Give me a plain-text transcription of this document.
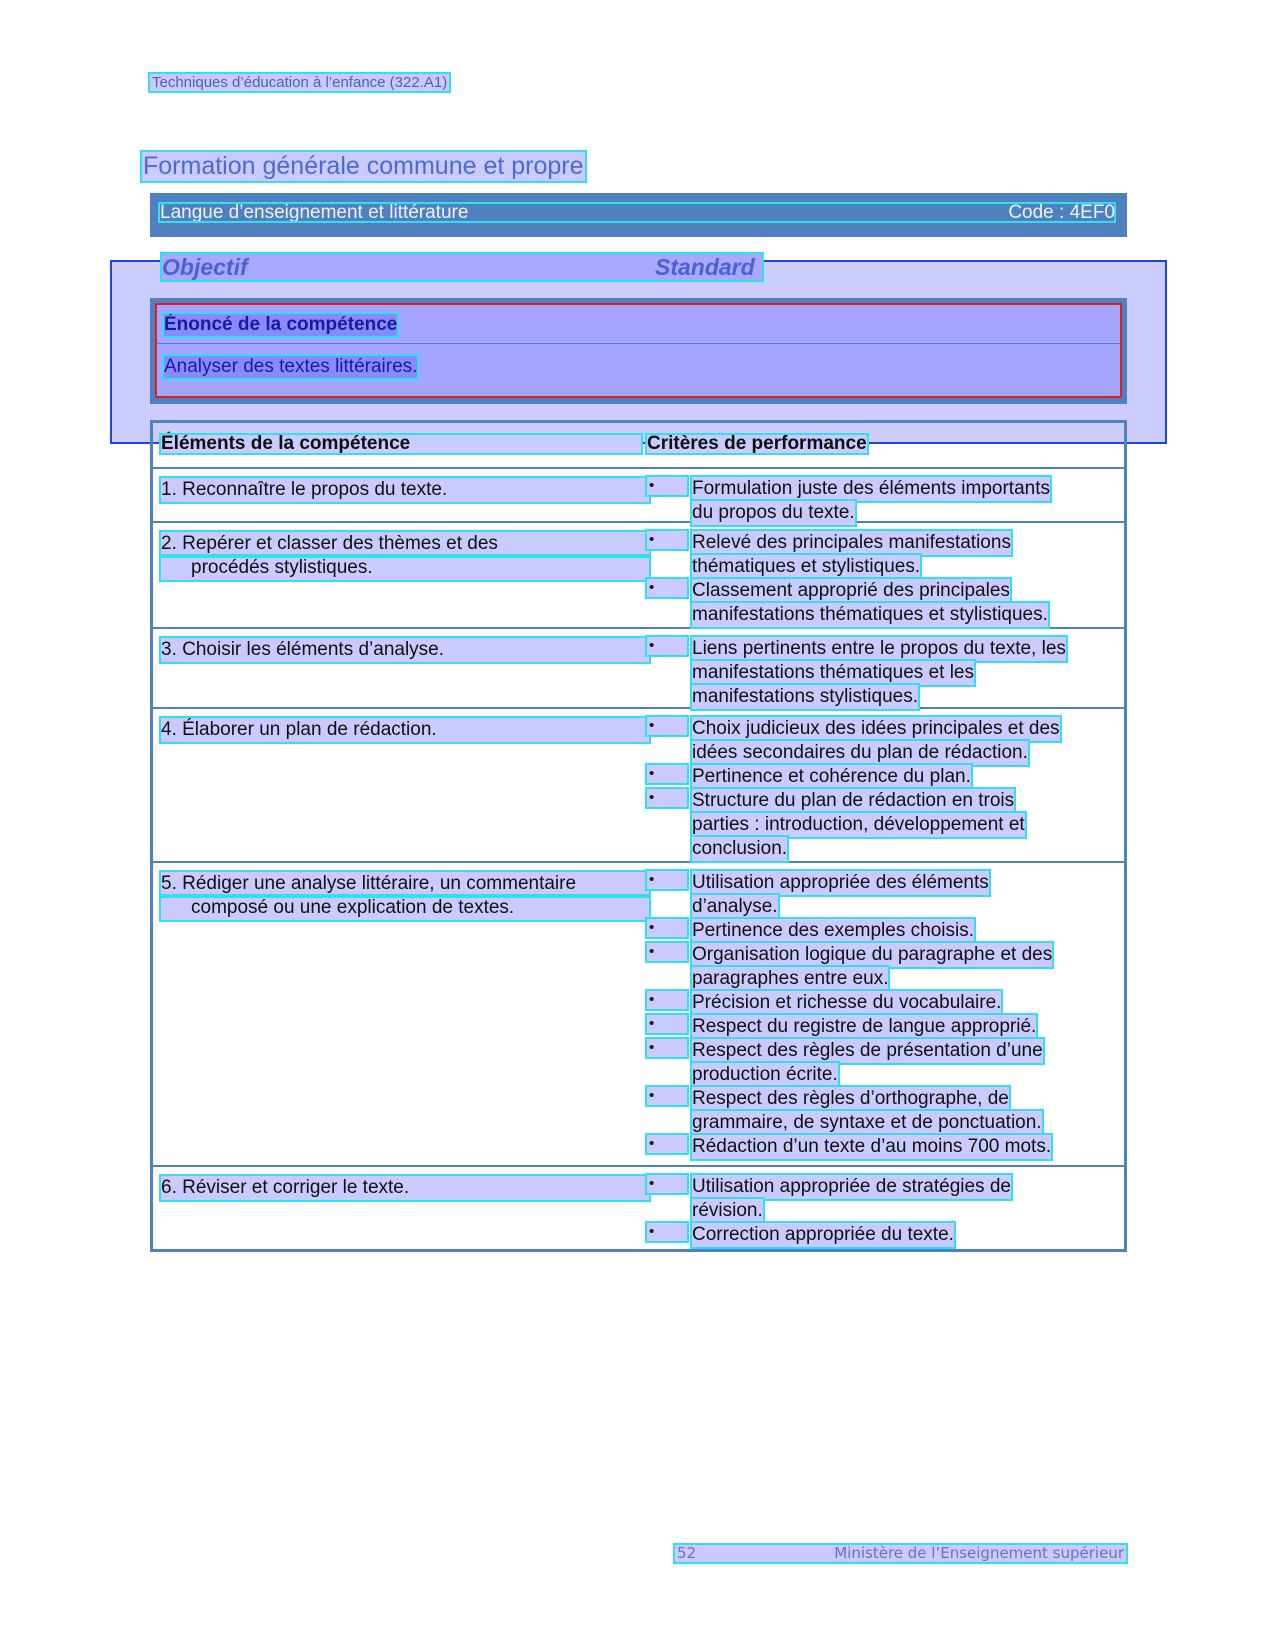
Techniques d’éducation à l’enfance (322.A1)
Formation générale commune et propre
Langue d’enseignement et littérature	Code : 4EF0
Objectif	Standard
Énoncé de la compétence
Analyser des textes littéraires.
Éléments de la compétence	Critères de performance
1. Reconnaître le propos du texte.	•	Formulation juste des éléments importants
du propos du texte.
2. Repérer et classer des thèmes et des
procédés stylistiques.
•	Relevé des principales manifestations
thématiques et stylistiques.
•	Classement approprié des principales
manifestations thématiques et stylistiques.
3. Choisir les éléments d’analyse.	•	Liens pertinents entre le propos du texte, les
manifestations thématiques et les
manifestations stylistiques.
4. Élaborer un plan de rédaction.	•	Choix judicieux des idées principales et des
idées secondaires du plan de rédaction.
•	Pertinence et cohérence du plan.
•	Structure du plan de rédaction en trois
parties : introduction, développement et
conclusion.
5. Rédiger une analyse littéraire, un commentaire
composé ou une explication de textes.
•	Utilisation appropriée des éléments
d’analyse.
•	Pertinence des exemples choisis.
•	Organisation logique du paragraphe et des
paragraphes entre eux.
•	Précision et richesse du vocabulaire.
•	Respect du registre de langue approprié.
•	Respect des règles de présentation d’une
production écrite.
•	Respect des règles d’orthographe, de
grammaire, de syntaxe et de ponctuation.
•	Rédaction d’un texte d’au moins 700 mots.
6. Réviser et corriger le texte.	•	Utilisation appropriée de stratégies de
révision.
•	Correction appropriée du texte.
52	Ministère de l’Enseignement supérieur
